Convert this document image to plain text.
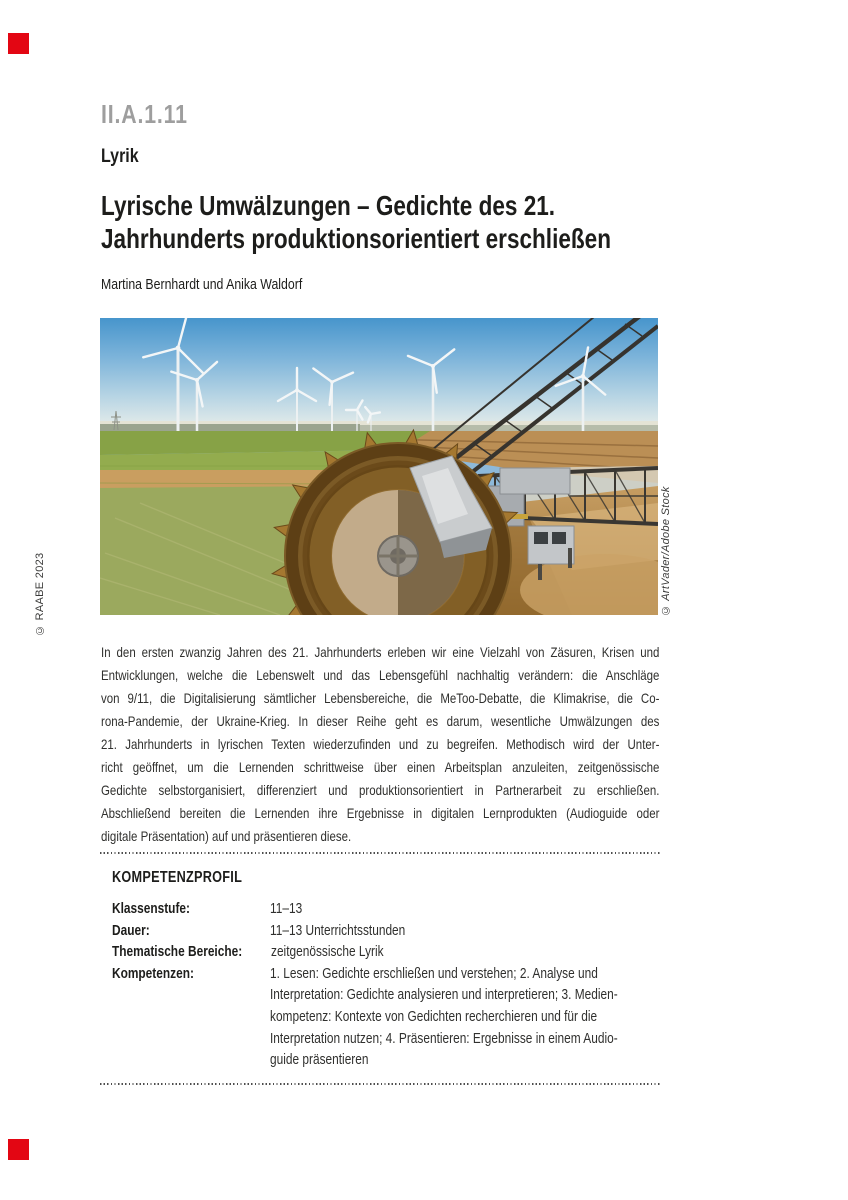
© RAABE 2023
II.A.1.11
Lyrik
Lyrische Umwälzungen – Gedichte des 21.
Jahrhunderts produktionsorientiert erschließen
Martina Bernhardt und Anika Waldorf
© ArtVader/Adobe Stock
In den ersten zwanzig Jahren des 21. Jahrhunderts erleben wir eine Vielzahl von Zäsuren, Krisen und
Entwicklungen, welche die Lebenswelt und das Lebensgefühl nachhaltig verändern: die Anschläge
von 9/11, die Digitalisierung sämtlicher Lebensbereiche, die MeToo-Debatte, die Klimakrise, die Co-
rona-Pandemie, der Ukraine-Krieg. In dieser Reihe geht es darum, wesentliche Umwälzungen des
21. Jahrhunderts in lyrischen Texten wiederzufinden und zu begreifen. Methodisch wird der Unter-
richt geöffnet, um die Lernenden schrittweise über einen Arbeitsplan anzuleiten, zeitgenössische
Gedichte selbstorganisiert, differenziert und produktionsorientiert in Partnerarbeit zu erschließen.
Abschließend bereiten die Lernenden ihre Ergebnisse in digitalen Lernprodukten (Audioguide oder
digitale Präsentation) auf und präsentieren diese.
KOMPETENZPROFIL
Klassenstufe:	11–13
Dauer:	11–13 Unterrichtsstunden
Thematische Bereiche: zeitgenössische Lyrik
Kompetenzen:	1. Lesen: Gedichte erschließen und verstehen; 2. Analyse und
Interpretation: Gedichte analysieren und interpretieren; 3. Medien-
kompetenz: Kontexte von Gedichten recherchieren und für die
Interpretation nutzen; 4. Präsentieren: Ergebnisse in einem Audio-
guide präsentieren
